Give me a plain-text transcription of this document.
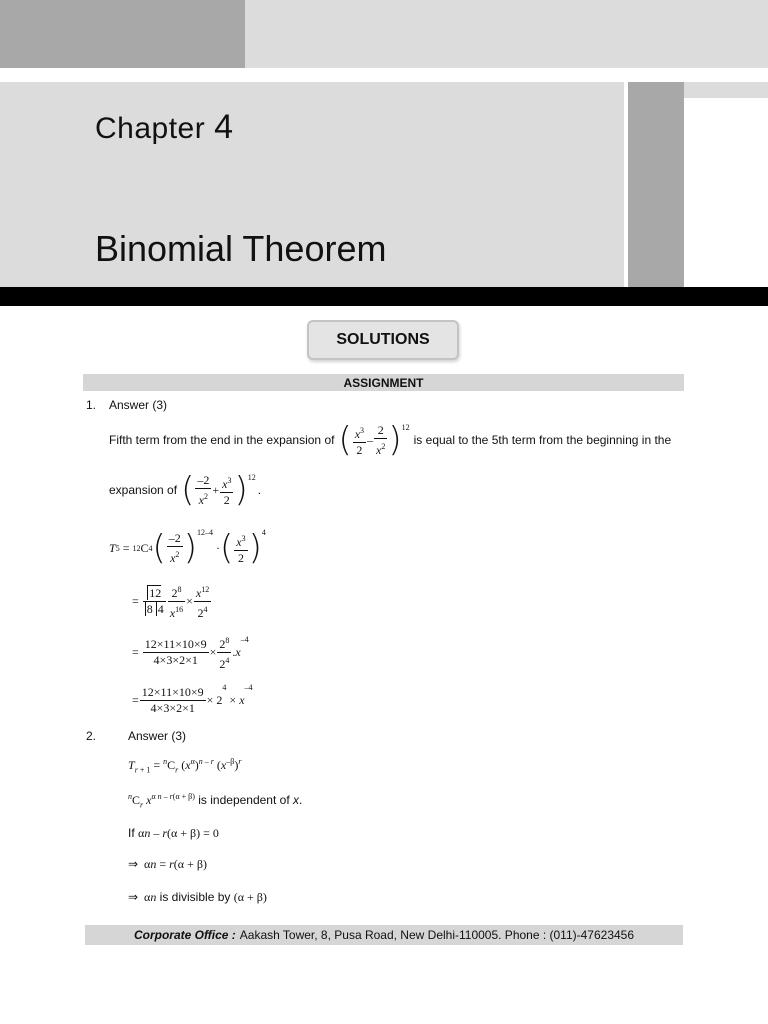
Chapter 4
Binomial Theorem
SOLUTIONS
ASSIGNMENT
1. Answer (3)
Fifth term from the end in the expansion of ( $\frac{x^3}{2} - \frac{2}{x^2} )^{12}$
is equal to the 5th term from the beginning in the
expansion of ( $\frac{-2}{x^2} + \frac{x^3}{2} )^{12}$
.
T 5 = 12 C 4 ( $\frac{-2}{x^2} )^{12-4}$
· ( $\frac{x^3}{2} )^4$
= $\frac{12}{8 4} \frac{2^8}{x^{16}} \times \frac{x^{12}}{2^4}$
= $\frac{12\times 11\times 10\times 9}{4\times 3\times 2\times 1} \times \frac{2^8}{2^4}$ . x
–4
= $\frac{12\times 11\times 10\times 9}{4\times 3\times 2\times 1} \times 2$
$^4$
× x
–4
2.	Answer (3)
$T_{r + 1} = ^nC_r$ $(x^\alpha)^{n - r}$ $(x^{-\beta})^r$
$^nC_r$ $x^{\alpha n - r(\alpha + \beta)}$ is independent of x.
If αn – r(α + β) = 0
⇒  αn = r(α + β)
⇒  αn is divisible by (α + β)
Corporate Office : Aakash Tower, 8, Pusa Road, New Delhi-110005. Phone : (011)-47623456
